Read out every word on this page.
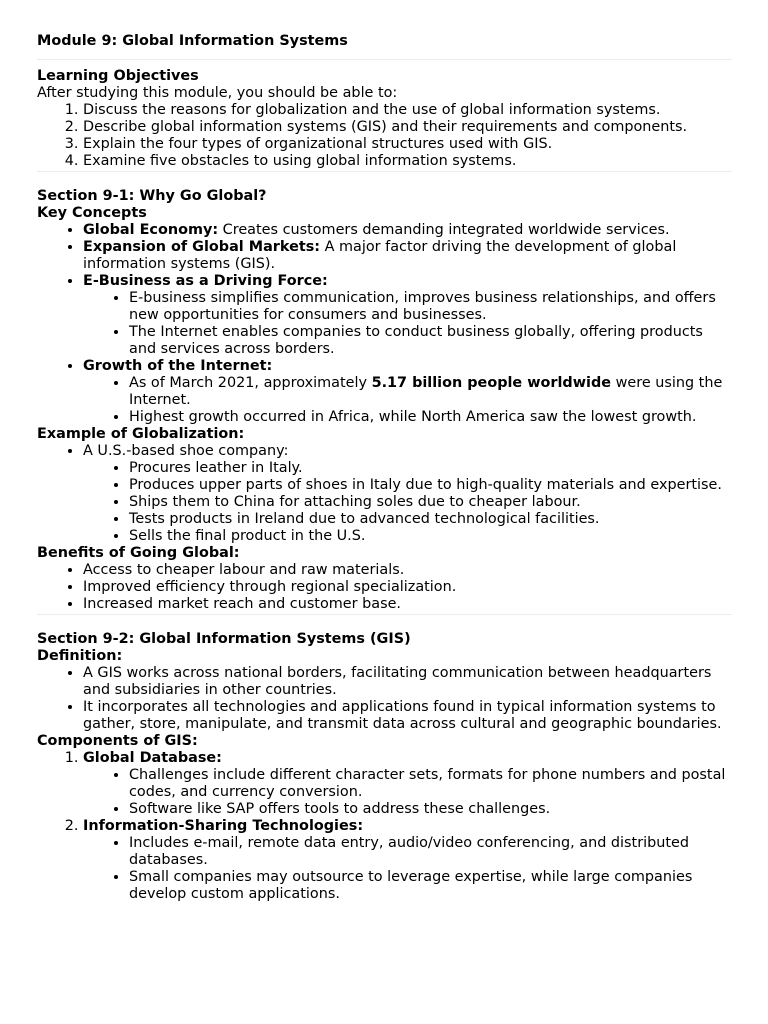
Module 9: Global Information Systems
Learning Objectives

After studying this module, you should be able to:

1. Discuss the reasons for globalization and the use of global information systems.
2. Describe global information systems (GIS) and their requirements and components.
3. Explain the four types of organizational structures used with GIS.
4. Examine five obstacles to using global information systems.
Section 9-1: Why Go Global?
Key Concepts
• Global Economy: Creates customers demanding integrated worldwide services.
• Expansion of Global Markets: A major factor driving the development of global information systems (GIS).
• E-Business as a Driving Force:
• E-business simplifies communication, improves business relationships, and offers new opportunities for consumers and businesses.
• The Internet enables companies to conduct business globally, offering products and services across borders.
• Growth of the Internet:
• As of March 2021, approximately 5.17 billion people worldwide were using the Internet.
• Highest growth occurred in Africa, while North America saw the lowest growth.
Example of Globalization:
• A U.S.-based shoe company:
• Procures leather in Italy.
• Produces upper parts of shoes in Italy due to high-quality materials and expertise.
• Ships them to China for attaching soles due to cheaper labour.
• Tests products in Ireland due to advanced technological facilities.
• Sells the final product in the U.S.
Benefits of Going Global:
• Access to cheaper labour and raw materials.
• Improved efficiency through regional specialization.
• Increased market reach and customer base.
Section 9-2: Global Information Systems (GIS)
Definition:
• A GIS works across national borders, facilitating communication between headquarters and subsidiaries in other countries.
• It incorporates all technologies and applications found in typical information systems to gather, store, manipulate, and transmit data across cultural and geographic boundaries.
Components of GIS:
1. Global Database:
• Challenges include different character sets, formats for phone numbers and postal codes, and currency conversion.
• Software like SAP offers tools to address these challenges.
2. Information-Sharing Technologies:
• Includes e-mail, remote data entry, audio/video conferencing, and distributed databases.
• Small companies may outsource to leverage expertise, while large companies develop custom applications.
